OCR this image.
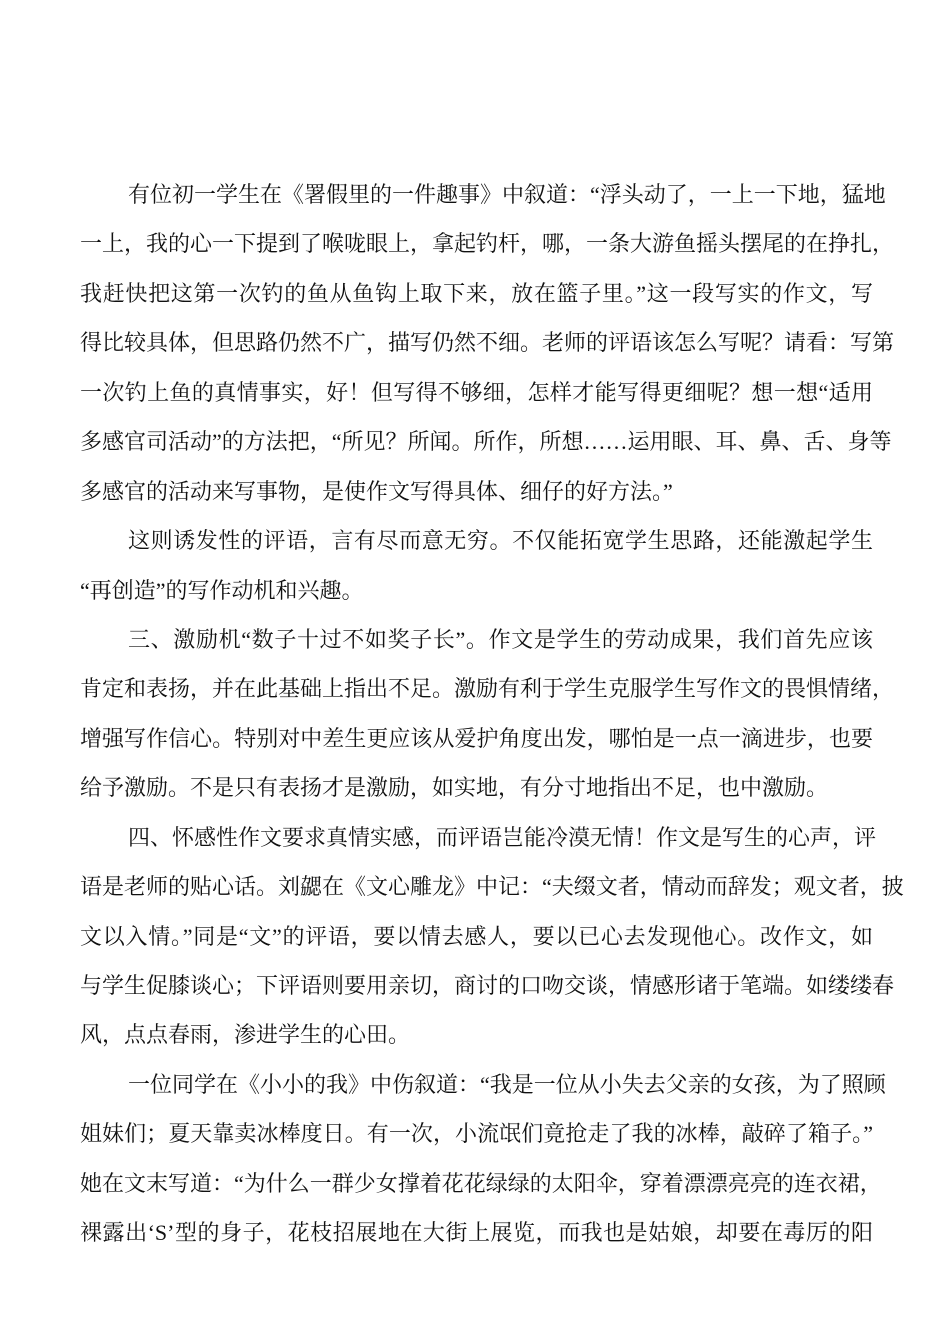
有位初一学生在《署假里的一件趣事》中叙道：“浮头动了，一上一下地，猛地
一上，我的心一下提到了喉咙眼上，拿起钓杆，哪，一条大游鱼摇头摆尾的在挣扎，
我赶快把这第一次钓的鱼从鱼钩上取下来，放在篮子里。”这一段写实的作文，写
得比较具体，但思路仍然不广，描写仍然不细。老师的评语该怎么写呢？请看：写第
一次钓上鱼的真情事实，好！但写得不够细，怎样才能写得更细呢？想一想“适用
多感官司活动”的方法把，“所见？所闻。所作，所想……运用眼、耳、鼻、舌、身等
多感官的活动来写事物，是使作文写得具体、细仔的好方法。”
这则诱发性的评语，言有尽而意无穷。不仅能拓宽学生思路，还能激起学生
“再创造”的写作动机和兴趣。
三、激励机“数子十过不如奖子长”。作文是学生的劳动成果，我们首先应该
肯定和表扬，并在此基础上指出不足。激励有利于学生克服学生写作文的畏惧情绪，
增强写作信心。特别对中差生更应该从爱护角度出发，哪怕是一点一滴进步，也要
给予激励。不是只有表扬才是激励，如实地，有分寸地指出不足，也中激励。
四、怀感性作文要求真情实感，而评语岂能冷漠无情！作文是写生的心声，评
语是老师的贴心话。刘勰在《文心雕龙》中记：“夫缀文者，情动而辞发；观文者，披
文以入情。”同是“文”的评语，要以情去感人，要以已心去发现他心。改作文，如
与学生促膝谈心；下评语则要用亲切，商讨的口吻交谈，情感形诸于笔端。如缕缕春
风，点点春雨，渗进学生的心田。
一位同学在《小小的我》中伤叙道：“我是一位从小失去父亲的女孩，为了照顾
姐妹们；夏天靠卖冰棒度日。有一次，小流氓们竟抢走了我的冰棒，敲碎了箱子。”
她在文末写道：“为什么一群少女撑着花花绿绿的太阳伞，穿着漂漂亮亮的连衣裙，
裸露出‘S’型的身子，花枝招展地在大街上展览，而我也是姑娘，却要在毒厉的阳
